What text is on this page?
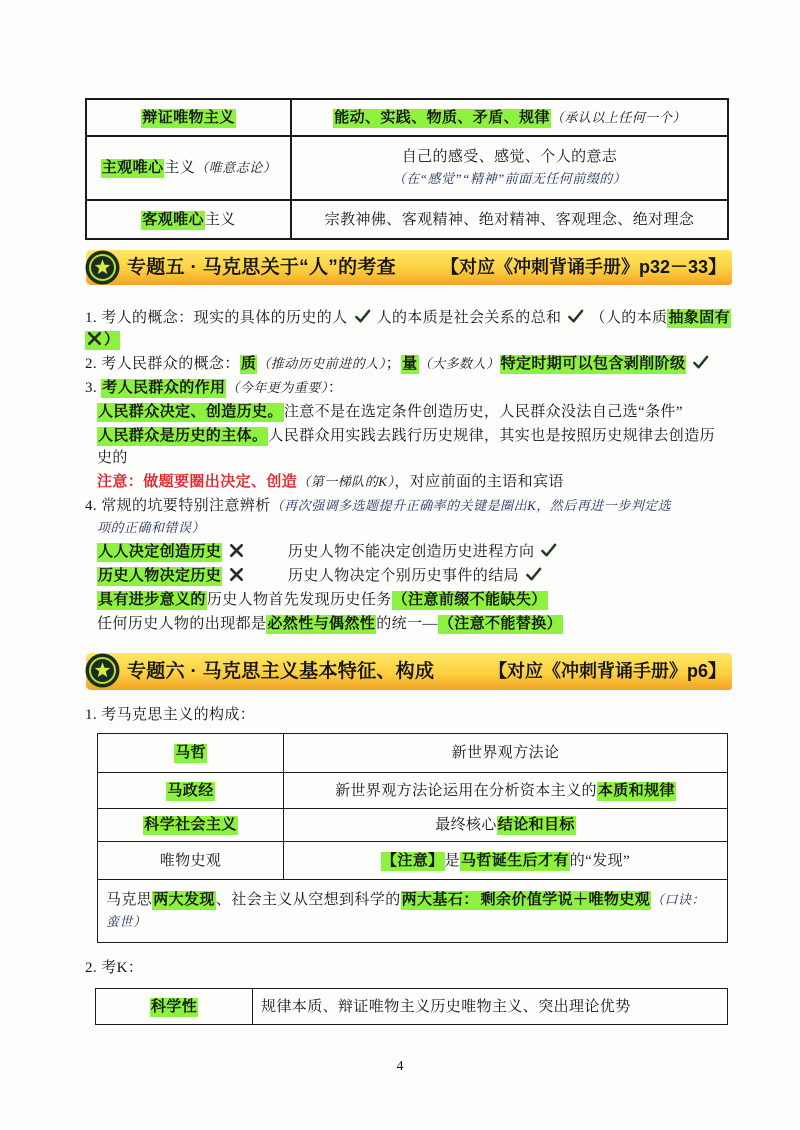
辩证唯物主义	能动、实践、物质、矛盾、规律（承认以上任何一个）
主观唯心主义（唯意志论）	自己的感受、感觉、个人的意志
（在“感觉”“精神”前面无任何前缀的）

客观唯心主义	宗教神佛、客观精神、绝对精神、客观理念、绝对理念
专题五 · 马克思关于“人”的考查 【对应《冲刺背诵手册》p32－33】
1. 考人的概念：现实的具体的历史的人 人的本质是社会关系的总和 （人的本质抽象固有
）
2. 考人民群众的概念：质（推动历史前进的人）；量（大多数人）特定时期可以包含剥削阶级
3. 考人民群众的作用（今年更为重要）：
人民群众决定、创造历史。注意不是在选定条件创造历史，人民群众没法自己选“条件”
人民群众是历史的主体。人民群众用实践去践行历史规律，其实也是按照历史规律去创造历
史的
注意：做题要圈出决定、创造（第一梯队的K），对应前面的主语和宾语
4. 常规的坑要特别注意辨析（再次强调多选题提升正确率的关键是圈出K，然后再进一步判定选
项的正确和错误）
人人决定创造历史	历史人物不能决定创造历史进程方向
历史人物决定历史	历史人物决定个别历史事件的结局
具有进步意义的历史人物首先发现历史任务（注意前缀不能缺失）
任何历史人物的出现都是必然性与偶然性的统一—（注意不能替换）
专题六 · 马克思主义基本特征、构成	【对应《冲刺背诵手册》p6】
1. 考马克思主义的构成：
马哲	新世界观方法论
马政经	新世界观方法论运用在分析资本主义的本质和规律
科学社会主义	最终核心结论和目标
唯物史观	【注意】是马哲诞生后才有的“发现”

马克思两大发现、社会主义从空想到科学的两大基石： 剩余价值学说＋唯物史观（口诀：
蛮世）	
2. 考K：
科学性	规律本质、辩证唯物主义历史唯物主义、突出理论优势
4
